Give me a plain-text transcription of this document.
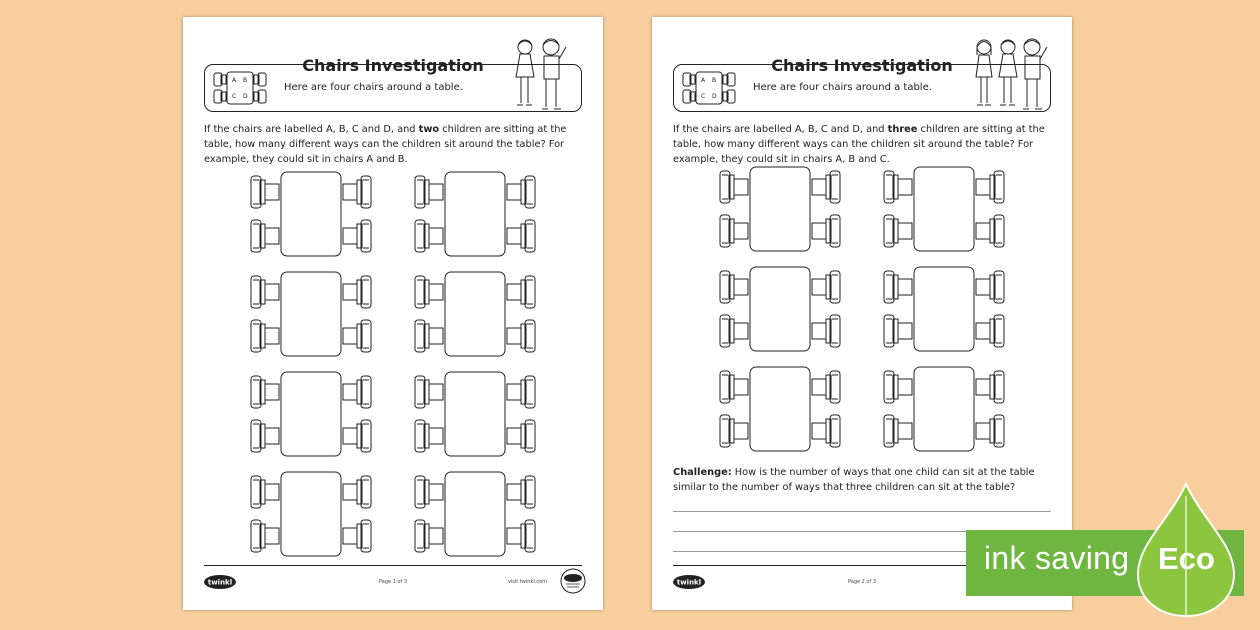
Chairs Investigation
A B
C D
Here are four chairs around a table.
If the chairs are labelled A, B, C and D, and two children are sitting at the table, how many different ways can the children sit around the table? For example, they could sit in chairs A and B.
twinkl	Page 1 of 3	visit twinkl.com
Chairs Investigation
A B
C D
Here are four chairs around a table.
If the chairs are labelled A, B, C and D, and three children are sitting at the table, how many different ways can the children sit around the table? For example, they could sit in chairs A, B and C.
Challenge: How is the number of ways that one child can sit at the table similar to the number of ways that three children can sit at the table?
twinkl	Page 2 of 3
ink saving Eco
